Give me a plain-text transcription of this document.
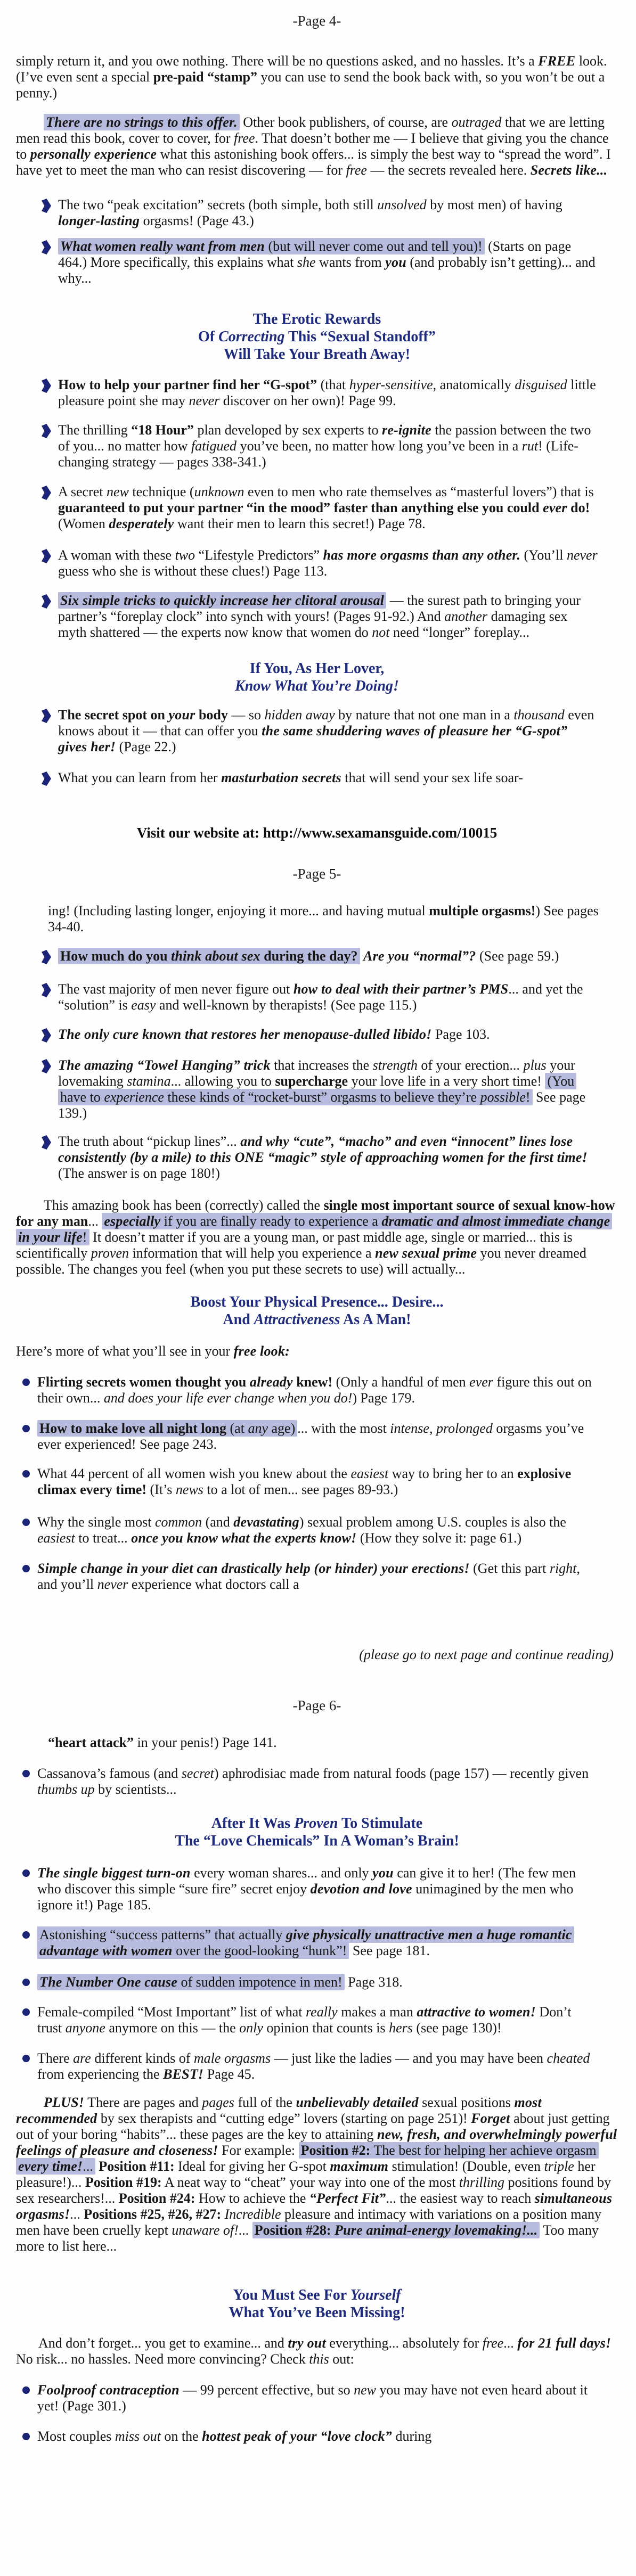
-Page 4-

simply return it, and you owe nothing. There will be no questions asked, and no hassles. It’s a FREE look. (I’ve even sent a special pre-paid “stamp” you can use to send the book back with, so you won’t be out a penny.)

There are no strings to this offer. Other book publishers, of course, are outraged that we are letting men read this book, cover to cover, for free. That doesn’t bother me — I believe that giving you the chance to personally experience what this astonishing book offers... is simply the best way to “spread the word”. I have yet to meet the man who can resist discovering — for free — the secrets revealed here. Secrets like...

The two “peak excitation” secrets (both simple, both still unsolved by most men) of having longer-lasting orgasms! (Page 43.)
What women really want from men (but will never come out and tell you)! (Starts on page 464.) More specifically, this explains what she wants from you (and probably isn’t getting)... and why...
The Erotic Rewards
Of Correcting This “Sexual Standoff”
Will Take Your Breath Away!
How to help your partner find her “G-spot” (that hyper-sensitive, anatomically disguised little pleasure point she may never discover on her own)! Page 99.
The thrilling “18 Hour” plan developed by sex experts to re-ignite the passion between the two of you... no matter how fatigued you’ve been, no matter how long you’ve been in a rut! (Life-changing strategy — pages 338-341.)
A secret new technique (unknown even to men who rate themselves as “masterful lovers”) that is guaranteed to put your partner “in the mood” faster than anything else you could ever do! (Women desperately want their men to learn this secret!) Page 78.
A woman with these two “Lifestyle Predictors” has more orgasms than any other. (You’ll never guess who she is without these clues!) Page 113.
Six simple tricks to quickly increase her clitoral arousal — the surest path to bringing your partner’s “foreplay clock” into synch with yours! (Pages 91-92.) And another damaging sex myth shattered — the experts now know that women do not need “longer” foreplay...
If You, As Her Lover,
Know What You’re Doing!
The secret spot on your body — so hidden away by nature that not one man in a thousand even knows about it — that can offer you the same shuddering waves of pleasure her “G-spot” gives her! (Page 22.)
What you can learn from her masturbation secrets that will send your sex life soar-
Visit our website at: http://www.sexamansguide.com/10015
-Page 5-

ing! (Including lasting longer, enjoying it more... and having mutual multiple orgasms!) See pages 34-40.

How much do you think about sex during the day? Are you “normal”? (See page 59.)
The vast majority of men never figure out how to deal with their partner’s PMS... and yet the “solution” is easy and well-known by therapists! (See page 115.)
The only cure known that restores her menopause-dulled libido! Page 103.
The amazing “Towel Hanging” trick that increases the strength of your erection... plus your lovemaking stamina... allowing you to supercharge your love life in a very short time! (You have to experience these kinds of “rocket-burst” orgasms to believe they’re possible! See page 139.)
The truth about “pickup lines”... and why “cute”, “macho” and even “innocent” lines lose consistently (by a mile) to this ONE “magic” style of approaching women for the first time! (The answer is on page 180!)

This amazing book has been (correctly) called the single most important source of sexual know-how for any man... especially if you are finally ready to experience a dramatic and almost immediate change in your life! It doesn’t matter if you are a young man, or past middle age, single or married... this is scientifically proven information that will help you experience a new sexual prime you never dreamed possible. The changes you feel (when you put these secrets to use) will actually...

Boost Your Physical Presence... Desire...
And Attractiveness As A Man!

Here’s more of what you’ll see in your free look:

Flirting secrets women thought you already knew! (Only a handful of men ever figure this out on their own... and does your life ever change when you do!) Page 179.
How to make love all night long (at any age) ... with the most intense, prolonged orgasms you’ve ever experienced! See page 243.
What 44 percent of all women wish you knew about the easiest way to bring her to an explosive climax every time! (It’s news to a lot of men... see pages 89-93.)
Why the single most common (and devastating) sexual problem among U.S. couples is also the easiest to treat... once you know what the experts know! (How they solve it: page 61.)
Simple change in your diet can drastically help (or hinder) your erections! (Get this part right, and you’ll never experience what doctors call a
(please go to next page and continue reading)
-Page 6-

“heart attack” in your penis!) Page 141.

Cassanova’s famous (and secret) aphrodisiac made from natural foods (page 157) — recently given thumbs up by scientists...
After It Was Proven To Stimulate
The “Love Chemicals” In A Woman’s Brain!
The single biggest turn-on every woman shares... and only you can give it to her! (The few men who discover this simple “sure fire” secret enjoy devotion and love unimagined by the men who ignore it!) Page 185.
Astonishing “success patterns” that actually give physically unattractive men a huge romantic advantage with women over the good-looking “hunk”! See page 181.
The Number One cause of sudden impotence in men! Page 318.
Female-compiled “Most Important” list of what really makes a man attractive to women! Don’t trust anyone anymore on this — the only opinion that counts is hers (see page 130)!
There are different kinds of male orgasms — just like the ladies — and you may have been cheated from experiencing the BEST! Page 45.

PLUS! There are pages and pages full of the unbelievably detailed sexual positions most recommended by sex therapists and “cutting edge” lovers (starting on page 251)! Forget about just getting out of your boring “habits”... these pages are the key to attaining new, fresh, and overwhelmingly powerful feelings of pleasure and closeness! For example: Position #2: The best for helping her achieve orgasm every time!... Position #11: Ideal for giving her G-spot maximum stimulation! (Double, even triple her pleasure!)... Position #19: A neat way to “cheat” your way into one of the most thrilling positions found by sex researchers!... Position #24: How to achieve the “Perfect Fit”... the easiest way to reach simultaneous orgasms!... Positions #25, #26, #27: Incredible pleasure and intimacy with variations on a position many men have been cruelly kept unaware of!... Position #28: Pure animal-energy lovemaking!... Too many more to list here...

You Must See For Yourself
What You’ve Been Missing!

And don’t forget... you get to examine... and try out everything... absolutely for free... for 21 full days! No risk... no hassles. Need more convincing? Check this out:

Foolproof contraception — 99 percent effective, but so new you may have not even heard about it yet! (Page 301.)
Most couples miss out on the hottest peak of your “love clock” during
